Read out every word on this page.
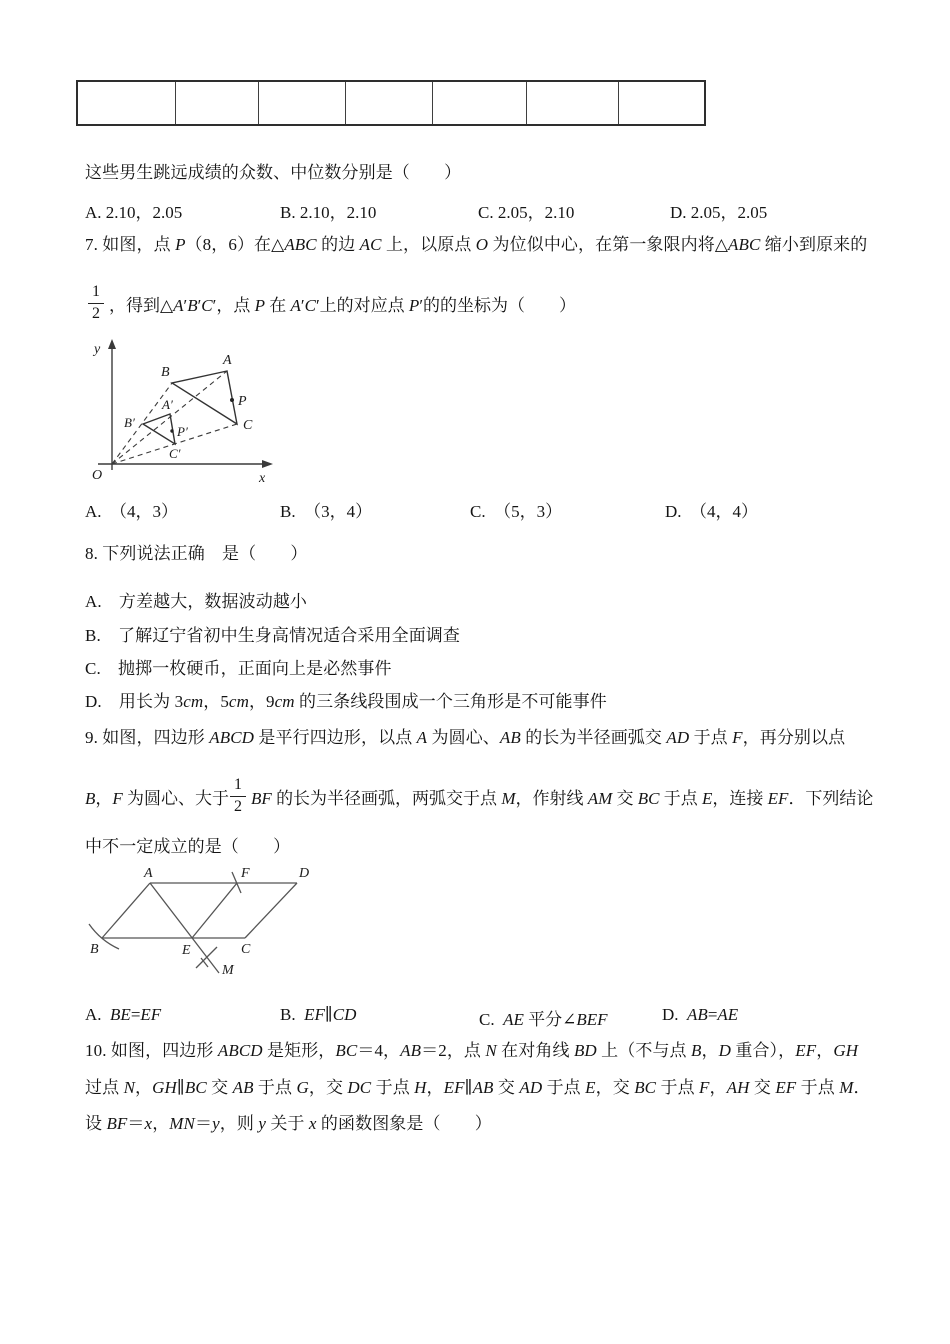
这些男生跳远成绩的众数、中位数分别是（　　）
A. 2.10，2.05	B. 2.10，2.10	C. 2.05，2.10	D. 2.05，2.05
7. 如图，点 P（8，6）在△ABC 的边 AC 上，以原点 O 为位似中心，在第一象限内将△ABC 缩小到原来的
$\frac{1}{2}$ ，得到△A′B′C′，点 P 在 A′C′上的对应点 P′的的坐标为（　　）
y
x
O
B
A
P
C
A′
B′
P′
C′
A. （4，3）	B. （3，4）	C. （5，3）	D. （4，4）
8. 下列说法正确　是（　　）
A.  方差越大，数据波动越小
B.  了解辽宁省初中生身高情况适合采用全面调查
C.  抛掷一枚硬币，正面向上是必然事件
D.  用长为 3cm，5cm，9cm 的三条线段围成一个三角形是不可能事件
9. 如图，四边形 ABCD 是平行四边形，以点 A 为圆心、AB 的长为半径画弧交 AD 于点 F，再分别以点
B，F 为圆心、大于 $\frac{1}{2}$ BF 的长为半径画弧，两弧交于点 M，作射线 AM 交 BC 于点 E，连接 EF．下列结论
中不一定成立的是（　　）
A	F	D
B	E	C
M
A. BE=EF	B. EF∥CD	C. AE 平分∠BEF	D. AB=AE
10. 如图，四边形 ABCD 是矩形，BC＝4，AB＝2，点 N 在对角线 BD 上（不与点 B，D 重合），EF，GH
过点 N，GH∥BC 交 AB 于点 G，交 DC 于点 H，EF∥AB 交 AD 于点 E，交 BC 于点 F，AH 交 EF 于点 M．
设 BF＝x，MN＝y，则 y 关于 x 的函数图象是（　　）
